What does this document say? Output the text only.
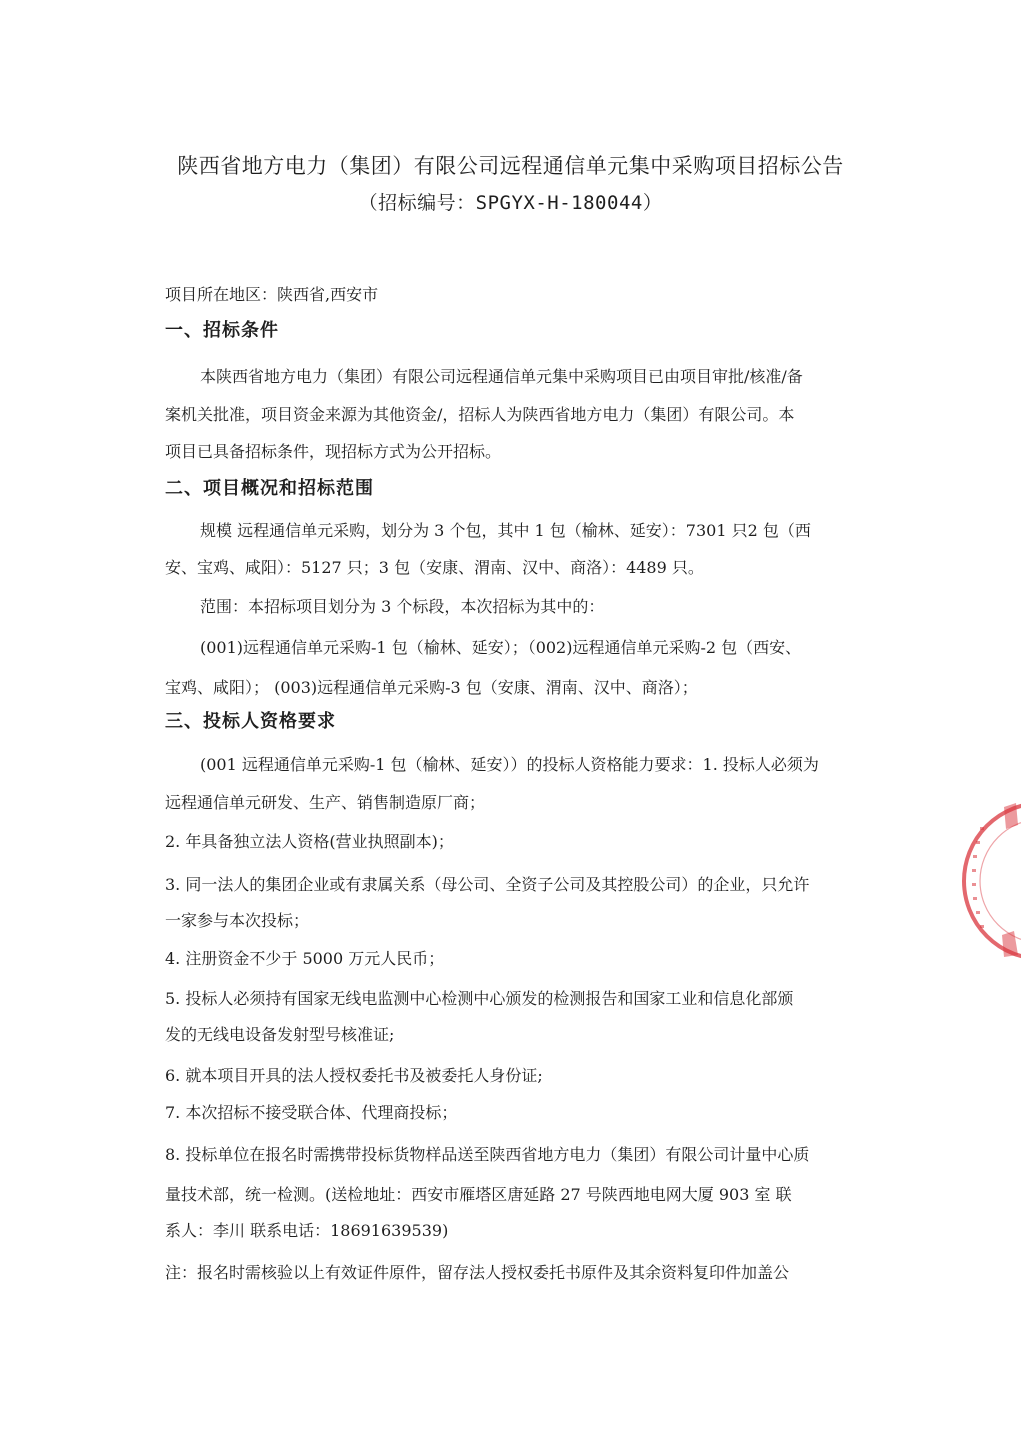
陕西省地方电力（集团）有限公司远程通信单元集中采购项目招标公告
（招标编号：SPGYX-H-180044）
项目所在地区：陕西省,西安市
一、招标条件
本陕西省地方电力（集团）有限公司远程通信单元集中采购项目已由项目审批/核准/备
案机关批准，项目资金来源为其他资金/，招标人为陕西省地方电力（集团）有限公司。本
项目已具备招标条件，现招标方式为公开招标。
二、项目概况和招标范围
规模 远程通信单元采购，划分为 3 个包，其中 1 包（榆林、延安）：7301 只2 包（西
安、宝鸡、咸阳）：5127 只；3 包（安康、渭南、汉中、商洛）：4489 只。
范围：本招标项目划分为 3 个标段，本次招标为其中的：
(001)远程通信单元采购-1 包（榆林、延安）；（002)远程通信单元采购-2 包（西安、
宝鸡、咸阳）； (003)远程通信单元采购-3 包（安康、渭南、汉中、商洛）；
三、投标人资格要求
(001 远程通信单元采购-1 包（榆林、延安））的投标人资格能力要求：1. 投标人必须为
远程通信单元研发、生产、销售制造原厂商；
2. 年具备独立法人资格(营业执照副本)；
3. 同一法人的集团企业或有隶属关系（母公司、全资子公司及其控股公司）的企业，只允许
一家参与本次投标；
4. 注册资金不少于 5000 万元人民币；
5. 投标人必须持有国家无线电监测中心检测中心颁发的检测报告和国家工业和信息化部颁
发的无线电设备发射型号核准证;
6. 就本项目开具的法人授权委托书及被委托人身份证;
7. 本次招标不接受联合体、代理商投标；
8. 投标单位在报名时需携带投标货物样品送至陕西省地方电力（集团）有限公司计量中心质
量技术部，统一检测。(送检地址：西安市雁塔区唐延路 27 号陕西地电网大厦 903 室 联
系人：李川 联系电话：18691639539)
注：报名时需核验以上有效证件原件，留存法人授权委托书原件及其余资料复印件加盖公
